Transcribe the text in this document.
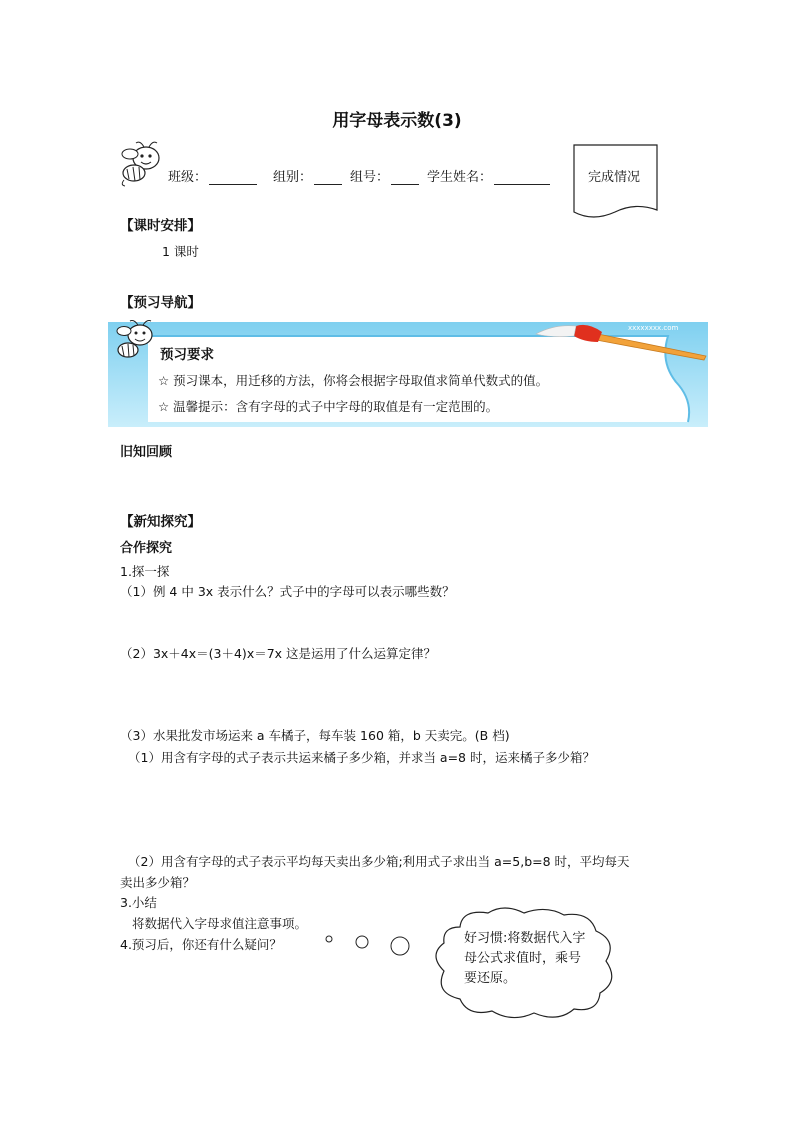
用字母表示数(3)
班级：	组别：	组号：	学生姓名：	完成情况
【课时安排】
1 课时
【预习导航】
xxxxxxxx.com
预习要求
☆ 预习课本，用迁移的方法，你将会根据字母取值求简单代数式的值。
☆ 温馨提示：含有字母的式子中字母的取值是有一定范围的。
旧知回顾
【新知探究】
合作探究
1.探一探
（1）例 4 中 3x 表示什么？式子中的字母可以表示哪些数？
（2）3x＋4x＝(3＋4)x＝7x 这是运用了什么运算定律？
（3）水果批发市场运来 a 车橘子，每车装 160 箱，b 天卖完。(B 档)
（1）用含有字母的式子表示共运来橘子多少箱，并求当 a=8 时，运来橘子多少箱？
（2）用含有字母的式子表示平均每天卖出多少箱;利用式子求出当 a=5,b=8 时，平均每天
卖出多少箱？
3.小结
将数据代入字母求值注意事项。
4.预习后，你还有什么疑问？	好习惯:将数据代入字母公式求值时，乘号要还原。
